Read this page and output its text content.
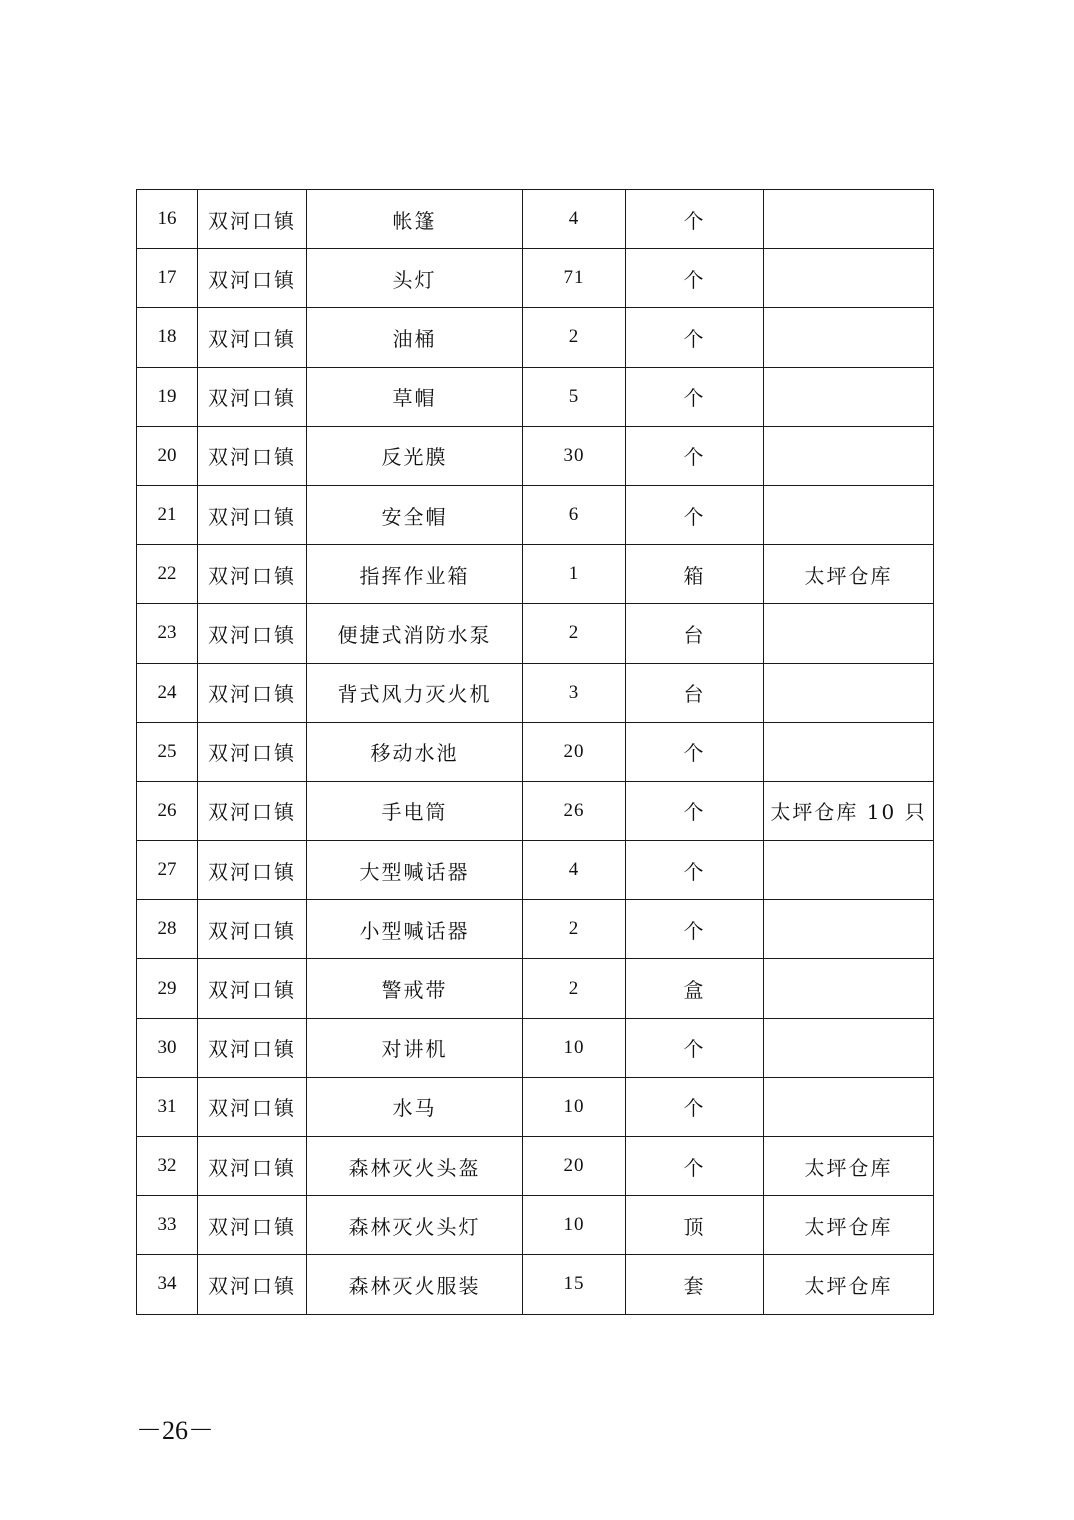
16	双河口镇	帐篷	4	个	
17	双河口镇	头灯	71	个	
18	双河口镇	油桶	2	个	
19	双河口镇	草帽	5	个	
20	双河口镇	反光膜	30	个	
21	双河口镇	安全帽	6	个	
22	双河口镇	指挥作业箱	1	箱	太坪仓库
23	双河口镇	便捷式消防水泵	2	台	
24	双河口镇	背式风力灭火机	3	台	
25	双河口镇	移动水池	20	个	
26	双河口镇	手电筒	26	个	太坪仓库 10 只
27	双河口镇	大型喊话器	4	个	
28	双河口镇	小型喊话器	2	个	
29	双河口镇	警戒带	2	盒	
30	双河口镇	对讲机	10	个	
31	双河口镇	水马	10	个	
32	双河口镇	森林灭火头盔	20	个	太坪仓库
33	双河口镇	森林灭火头灯	10	顶	太坪仓库
34	双河口镇	森林灭火服装	15	套	太坪仓库
－26－
